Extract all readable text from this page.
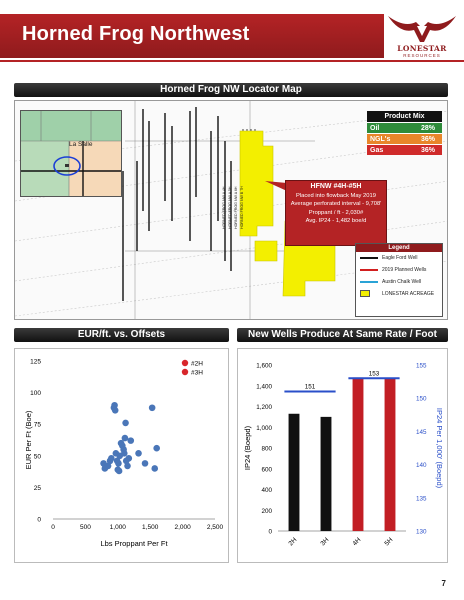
Horned Frog Northwest
LONESTAR
RESOURCES
Horned Frog NW Locator Map
HORNED FROG NW A 4H HORNED FROG NW A 5H HORNED FROG NW A 6H HORNED FROG NW B 7H
La Salle
Product Mix
Oil	28%
NGL's	36%
Gas	36%
HFNW #4H-#5H
Placed into flowback May 2019
Average perforated interval - 9,708'
Proppant / ft - 2,030#
Avg. IP24 - 1,482 boe/d
Legend
Eagle Ford Well
2019 Planned Wells
Austin Chalk Well
LONESTAR ACREAGE
EUR/ft. vs. Offsets
0
25
50
75
100
125
0	500	1,000 1,500 2,000 2,500
Lbs Proppant Per Ft
EUR Per Ft (Boe)
#2H
#3H
New Wells Produce At Same Rate / Foot
0
200
400
600
800
1,000
1,200
1,400
1,600
130
135
140
145
150
155
2H	3H	4H	5H
151
153
IP24 (Boepd)	IP24 Per 1,000' (Boepd)
7
